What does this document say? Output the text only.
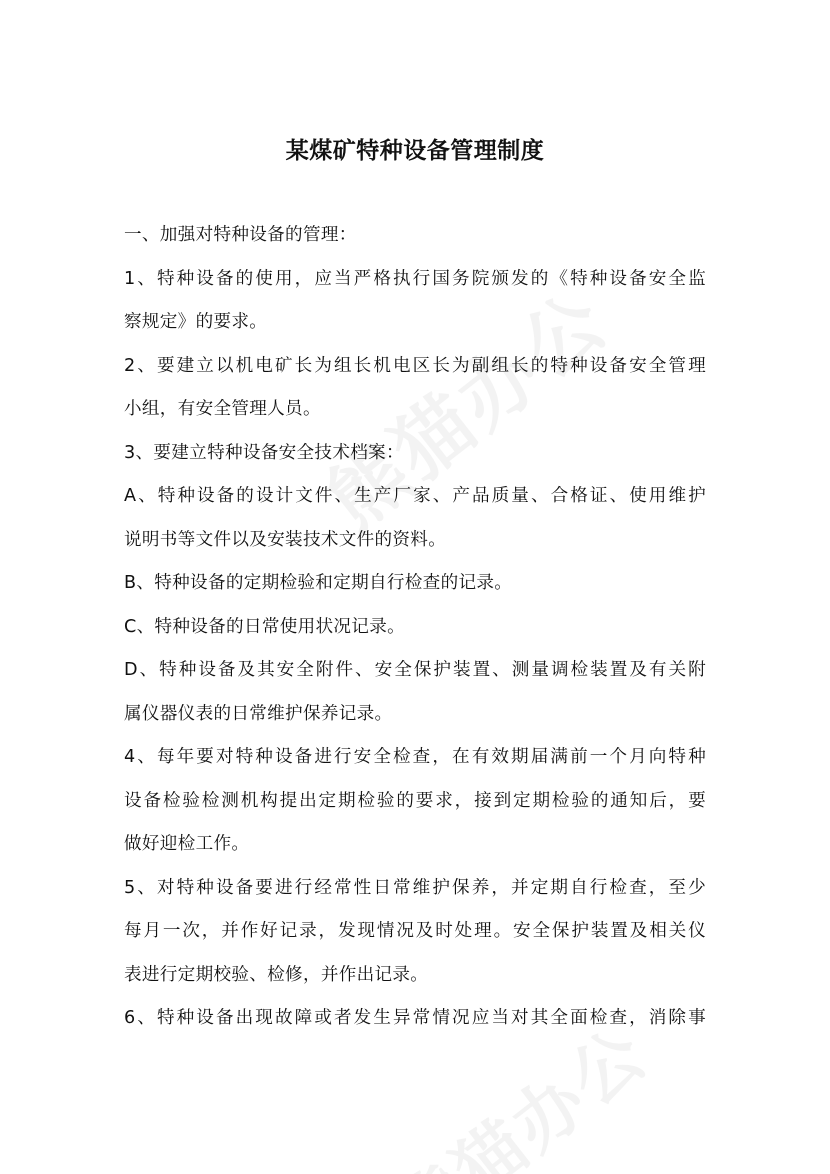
某煤矿特种设备管理制度

一、加强对特种设备的管理：

1、特种设备的使用，应当严格执行国务院颁发的《特种设备安全监
察规定》的要求。

2、要建立以机电矿长为组长机电区长为副组长的特种设备安全管理
小组，有安全管理人员。

3、要建立特种设备安全技术档案：

A、特种设备的设计文件、生产厂家、产品质量、合格证、使用维护
说明书等文件以及安装技术文件的资料。

B、特种设备的定期检验和定期自行检查的记录。

C、特种设备的日常使用状况记录。

D、特种设备及其安全附件、安全保护装置、测量调检装置及有关附
属仪器仪表的日常维护保养记录。

4、每年要对特种设备进行安全检查，在有效期届满前一个月向特种
设备检验检测机构提出定期检验的要求，接到定期检验的通知后，要
做好迎检工作。

5、对特种设备要进行经常性日常维护保养，并定期自行检查，至少
每月一次，并作好记录，发现情况及时处理。安全保护装置及相关仪
表进行定期校验、检修，并作出记录。

6、特种设备出现故障或者发生异常情况应当对其全面检查，消除事
